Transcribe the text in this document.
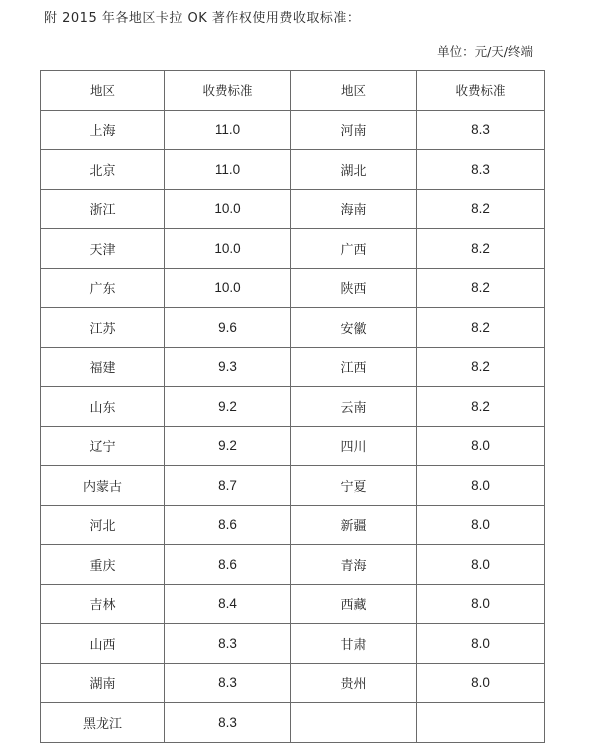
附 2015 年各地区卡拉 OK 著作权使用费收取标准：
单位：元/天/终端
地区	收费标准	地区	收费标准
上海	11.0	河南	8.3
北京	11.0	湖北	8.3
浙江	10.0	海南	8.2
天津	10.0	广西	8.2
广东	10.0	陕西	8.2
江苏	9.6	安徽	8.2
福建	9.3	江西	8.2
山东	9.2	云南	8.2
辽宁	9.2	四川	8.0
内蒙古	8.7	宁夏	8.0
河北	8.6	新疆	8.0
重庆	8.6	青海	8.0
吉林	8.4	西藏	8.0
山西	8.3	甘肃	8.0
湖南	8.3	贵州	8.0
黑龙江	8.3		
